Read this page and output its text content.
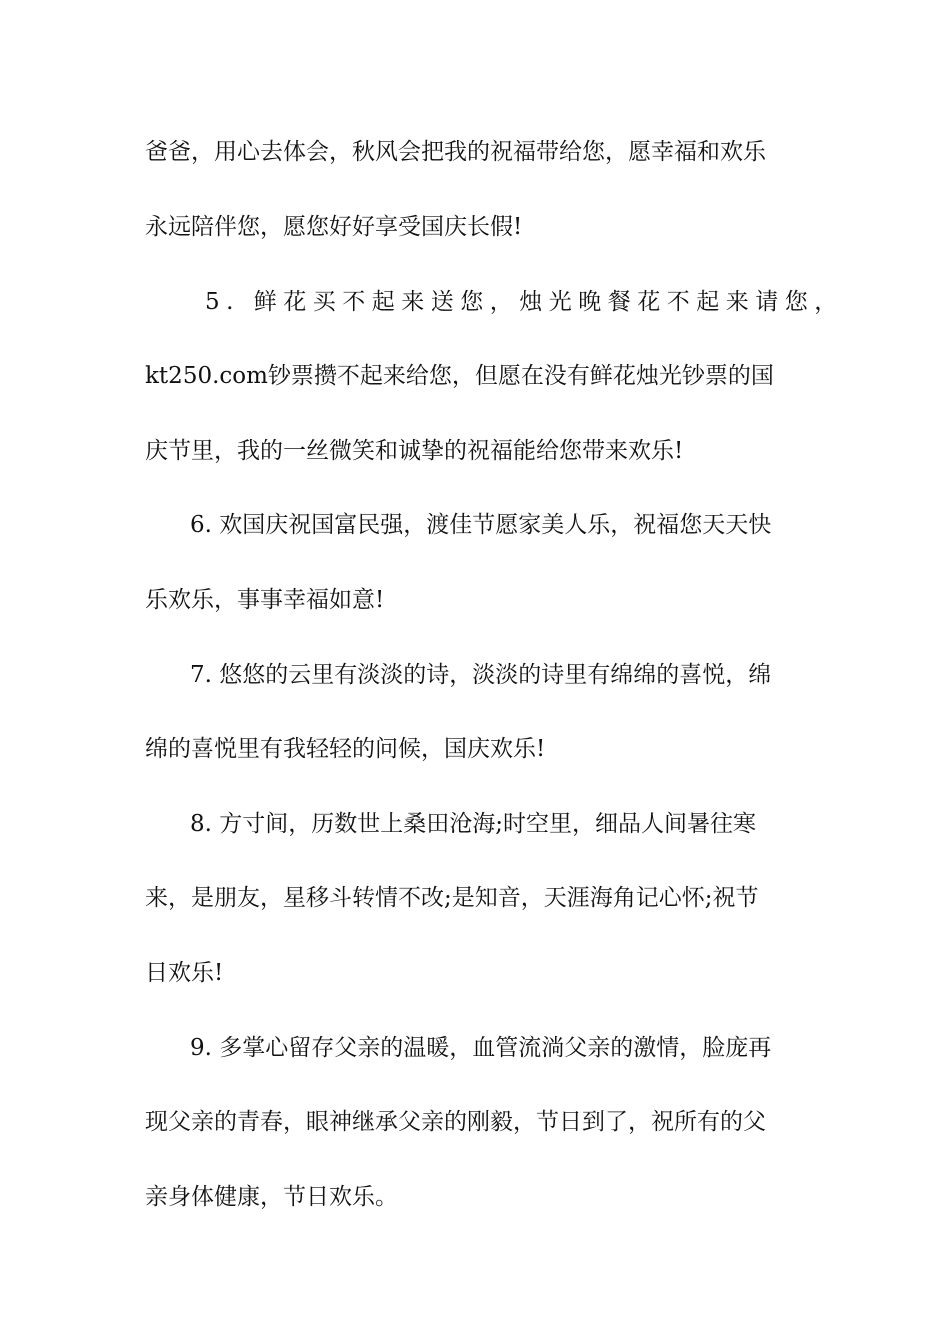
爸爸，用心去体会，秋风会把我的祝福带给您，愿幸福和欢乐
永远陪伴您，愿您好好享受国庆长假!
5. 鲜花买不起来送您，烛光晚餐花不起来请您，
kt250.com钞票攒不起来给您，但愿在没有鲜花烛光钞票的国
庆节里，我的一丝微笑和诚挚的祝福能给您带来欢乐!
6. 欢国庆祝国富民强，渡佳节愿家美人乐，祝福您天天快
乐欢乐，事事幸福如意!
7. 悠悠的云里有淡淡的诗，淡淡的诗里有绵绵的喜悦，绵
绵的喜悦里有我轻轻的问候，国庆欢乐!
8. 方寸间，历数世上桑田沧海;时空里，细品人间暑往寒
来，是朋友，星移斗转情不改;是知音，天涯海角记心怀;祝节
日欢乐!
9. 多掌心留存父亲的温暖，血管流淌父亲的激情，脸庞再
现父亲的青春，眼神继承父亲的刚毅，节日到了，祝所有的父
亲身体健康，节日欢乐。
